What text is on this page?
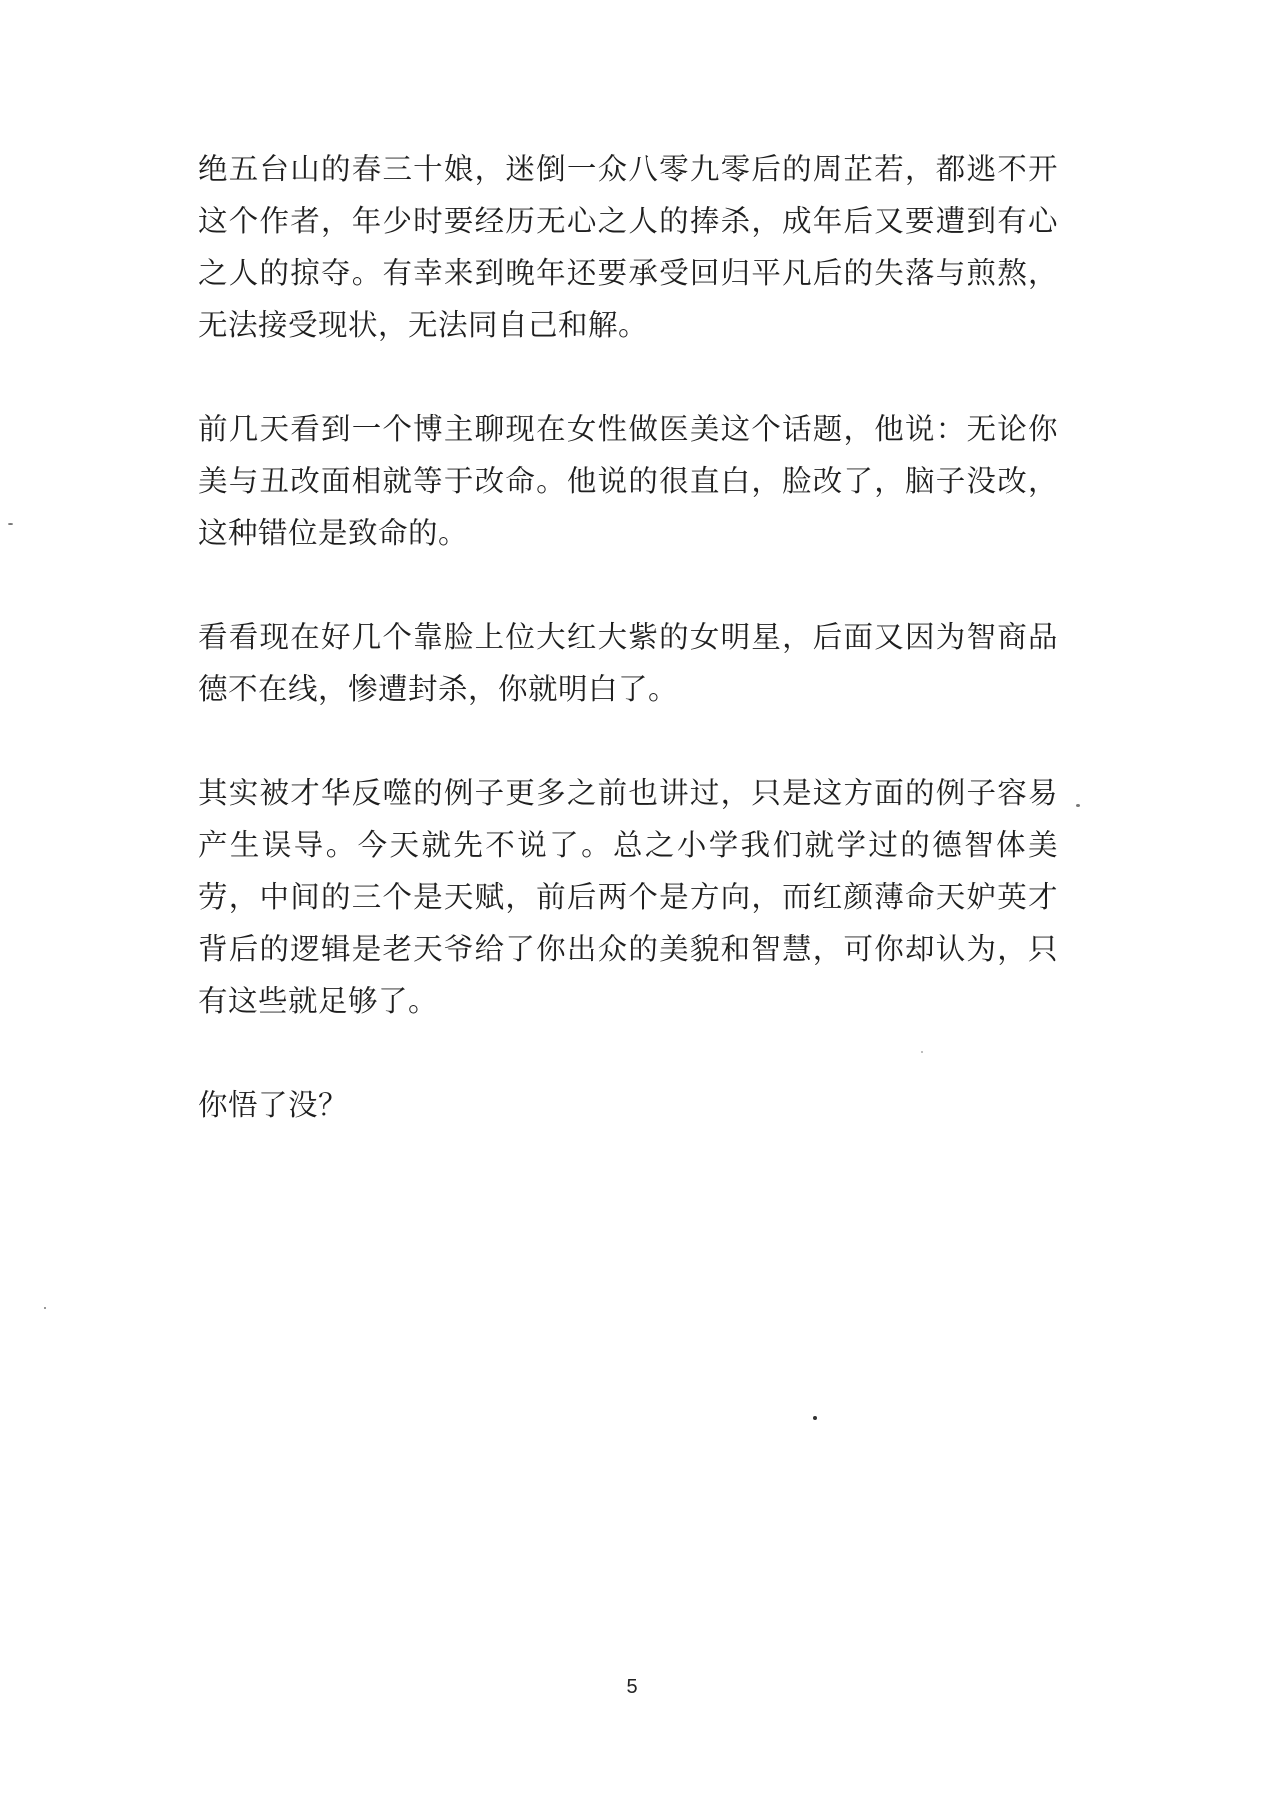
绝五台山的春三十娘，迷倒一众八零九零后的周芷若，都逃不开这个作者，年少时要经历无心之人的捧杀，成年后又要遭到有心之人的掠夺。有幸来到晚年还要承受回归平凡后的失落与煎熬，无法接受现状，无法同自己和解。

前几天看到一个博主聊现在女性做医美这个话题，他说：无论你美与丑改面相就等于改命。他说的很直白，脸改了，脑子没改，这种错位是致命的。

看看现在好几个靠脸上位大红大紫的女明星，后面又因为智商品德不在线，惨遭封杀，你就明白了。

其实被才华反噬的例子更多之前也讲过，只是这方面的例子容易产生误导。今天就先不说了。总之小学我们就学过的德智体美劳，中间的三个是天赋，前后两个是方向，而红颜薄命天妒英才背后的逻辑是老天爷给了你出众的美貌和智慧，可你却认为，只有这些就足够了。

你悟了没？

5
